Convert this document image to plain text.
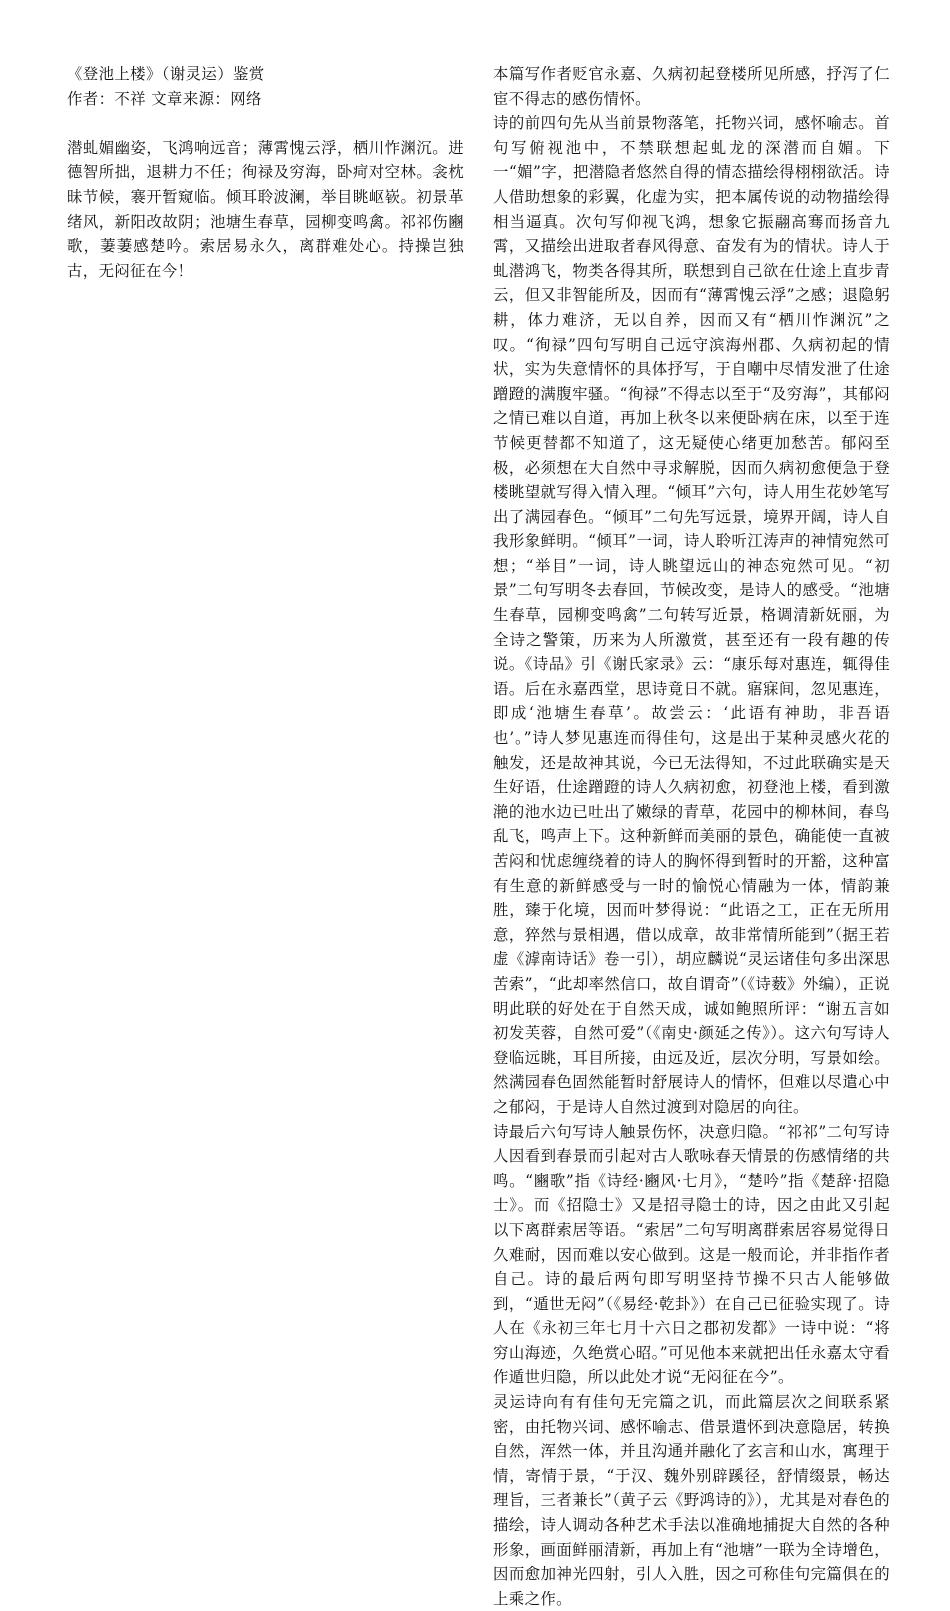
《登池上楼》（谢灵运）鉴赏

作者：不祥 文章来源：网络

潜虬媚幽姿，飞鸿响远音；薄霄愧云浮，栖川怍渊沉。进德智所拙，退耕力不任；徇禄及穷海，卧疴对空林。衾枕昧节候，褰开暂窥临。倾耳聆波澜，举目眺岖嵚。初景革绪风，新阳改故阴；池塘生春草，园柳变鸣禽。祁祁伤豳歌，萋萋感楚吟。索居易永久，离群难处心。持操岂独古，无闷征在今！

本篇写作者贬官永嘉、久病初起登楼所见所感，抒泻了仁宦不得志的感伤情怀。

诗的前四句先从当前景物落笔，托物兴词，感怀喻志。首句写俯视池中，不禁联想起虬龙的深潜而自媚。下一“媚”字，把潜隐者悠然自得的情态描绘得栩栩欲活。诗人借助想象的彩翼，化虚为实，把本属传说的动物描绘得相当逼真。次句写仰视飞鸿，想象它振翮高骞而扬音九霄，又描绘出进取者春风得意、奋发有为的情状。诗人于虬潜鸿飞，物类各得其所，联想到自己欲在仕途上直步青云，但又非智能所及，因而有“薄霄愧云浮”之感；退隐躬耕，体力难济，无以自养，因而又有“栖川怍渊沉”之叹。“徇禄”四句写明自己远守滨海州郡、久病初起的情状，实为失意情怀的具体抒写，于自嘲中尽情发泄了仕途蹭蹬的满腹牢骚。“徇禄”不得志以至于“及穷海”，其郁闷之情已难以自道，再加上秋冬以来便卧病在床，以至于连节候更替都不知道了，这无疑使心绪更加愁苦。郁闷至极，必须想在大自然中寻求解脱，因而久病初愈便急于登楼眺望就写得入情入理。“倾耳”六句，诗人用生花妙笔写出了满园春色。“倾耳”二句先写远景，境界开阔，诗人自我形象鲜明。“倾耳”一词，诗人聆听江涛声的神情宛然可想；“举目”一词，诗人眺望远山的神态宛然可见。“初景”二句写明冬去春回，节候改变，是诗人的感受。“池塘生春草，园柳变鸣禽”二句转写近景，格调清新妩丽，为全诗之警策，历来为人所激赏，甚至还有一段有趣的传说。《诗品》引《谢氏家录》云：“康乐每对惠连，辄得佳语。后在永嘉西堂，思诗竟日不就。寤寐间，忽见惠连，即成‘池塘生春草’。故尝云：‘此语有神助，非吾语也’。”诗人梦见惠连而得佳句，这是出于某种灵感火花的触发，还是故神其说，今已无法得知，不过此联确实是天生好语，仕途蹭蹬的诗人久病初愈，初登池上楼，看到激滟的池水边已吐出了嫩绿的青草，花园中的柳林间，春鸟乱飞，鸣声上下。这种新鲜而美丽的景色，确能使一直被苦闷和忧虑缠绕着的诗人的胸怀得到暂时的开豁，这种富有生意的新鲜感受与一时的愉悦心情融为一体，情韵兼胜，臻于化境，因而叶梦得说：“此语之工，正在无所用意，猝然与景相遇，借以成章，故非常情所能到”（据王若虚《滹南诗话》卷一引），胡应麟说“灵运诸佳句多出深思苦索”，“此却率然信口，故自谓奇”（《诗薮》外编），正说明此联的好处在于自然天成，诚如鲍照所评：“谢五言如初发芙蓉，自然可爱”（《南史·颜延之传》）。这六句写诗人登临远眺，耳目所接，由远及近，层次分明，写景如绘。然满园春色固然能暂时舒展诗人的情怀，但难以尽遣心中之郁闷，于是诗人自然过渡到对隐居的向往。

诗最后六句写诗人触景伤怀，决意归隐。“祁祁”二句写诗人因看到春景而引起对古人歌咏春天情景的伤感情绪的共鸣。“豳歌”指《诗经·豳风·七月》，“楚吟”指《楚辞·招隐士》。而《招隐士》又是招寻隐士的诗，因之由此又引起以下离群索居等语。“索居”二句写明离群索居容易觉得日久难耐，因而难以安心做到。这是一般而论，并非指作者自己。诗的最后两句即写明坚持节操不只古人能够做到，“遁世无闷”（《易经·乾卦》）在自己已征验实现了。诗人在《永初三年七月十六日之郡初发都》一诗中说：“将穷山海迹，久绝赏心昭。”可见他本来就把出任永嘉太守看作遁世归隐，所以此处才说“无闷征在今”。

灵运诗向有有佳句无完篇之讥，而此篇层次之间联系紧密，由托物兴词、感怀喻志、借景遣怀到决意隐居，转换自然，浑然一体，并且沟通并融化了玄言和山水，寓理于情，寄情于景，“于汉、魏外别辟蹊径，舒情缀景，畅达理旨，三者兼长”（黄子云《野鸿诗的》），尤其是对春色的描绘，诗人调动各种艺术手法以准确地捕捉大自然的各种形象，画面鲜丽清新，再加上有“池塘”一联为全诗增色，因而愈加神光四射，引人入胜，因之可称佳句完篇俱在的上乘之作。
